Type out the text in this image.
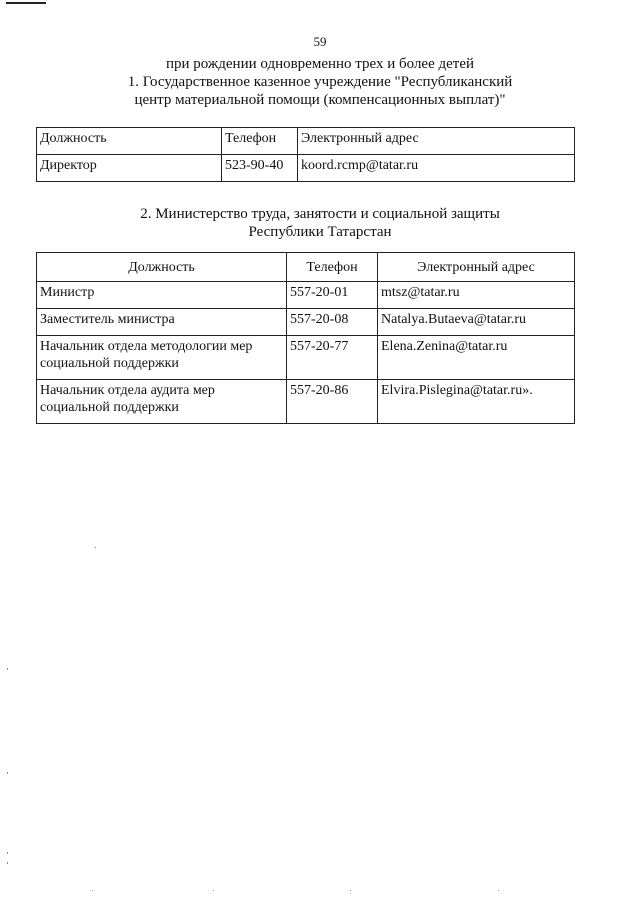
59
при рождении одновременно трех и более детей
1. Государственное казенное учреждение "Республиканский
центр материальной помощи (компенсационных выплат)"
Должность	Телефон	Электронный адрес
Директор	523-90-40	koord.rcmp@tatar.ru
2. Министерство труда, занятости и социальной защиты
Республики Татарстан
Должность	Телефон	Электронный адрес
Министр	557-20-01	mtsz@tatar.ru
Заместитель министра	557-20-08	Natalya.Butaeva@tatar.ru
Начальник отдела методологии мер социальной поддержки	557-20-77	Elena.Zenina@tatar.ru
Начальник отдела аудита мер социальной поддержки	557-20-86	Elvira.Pislegina@tatar.ru».
